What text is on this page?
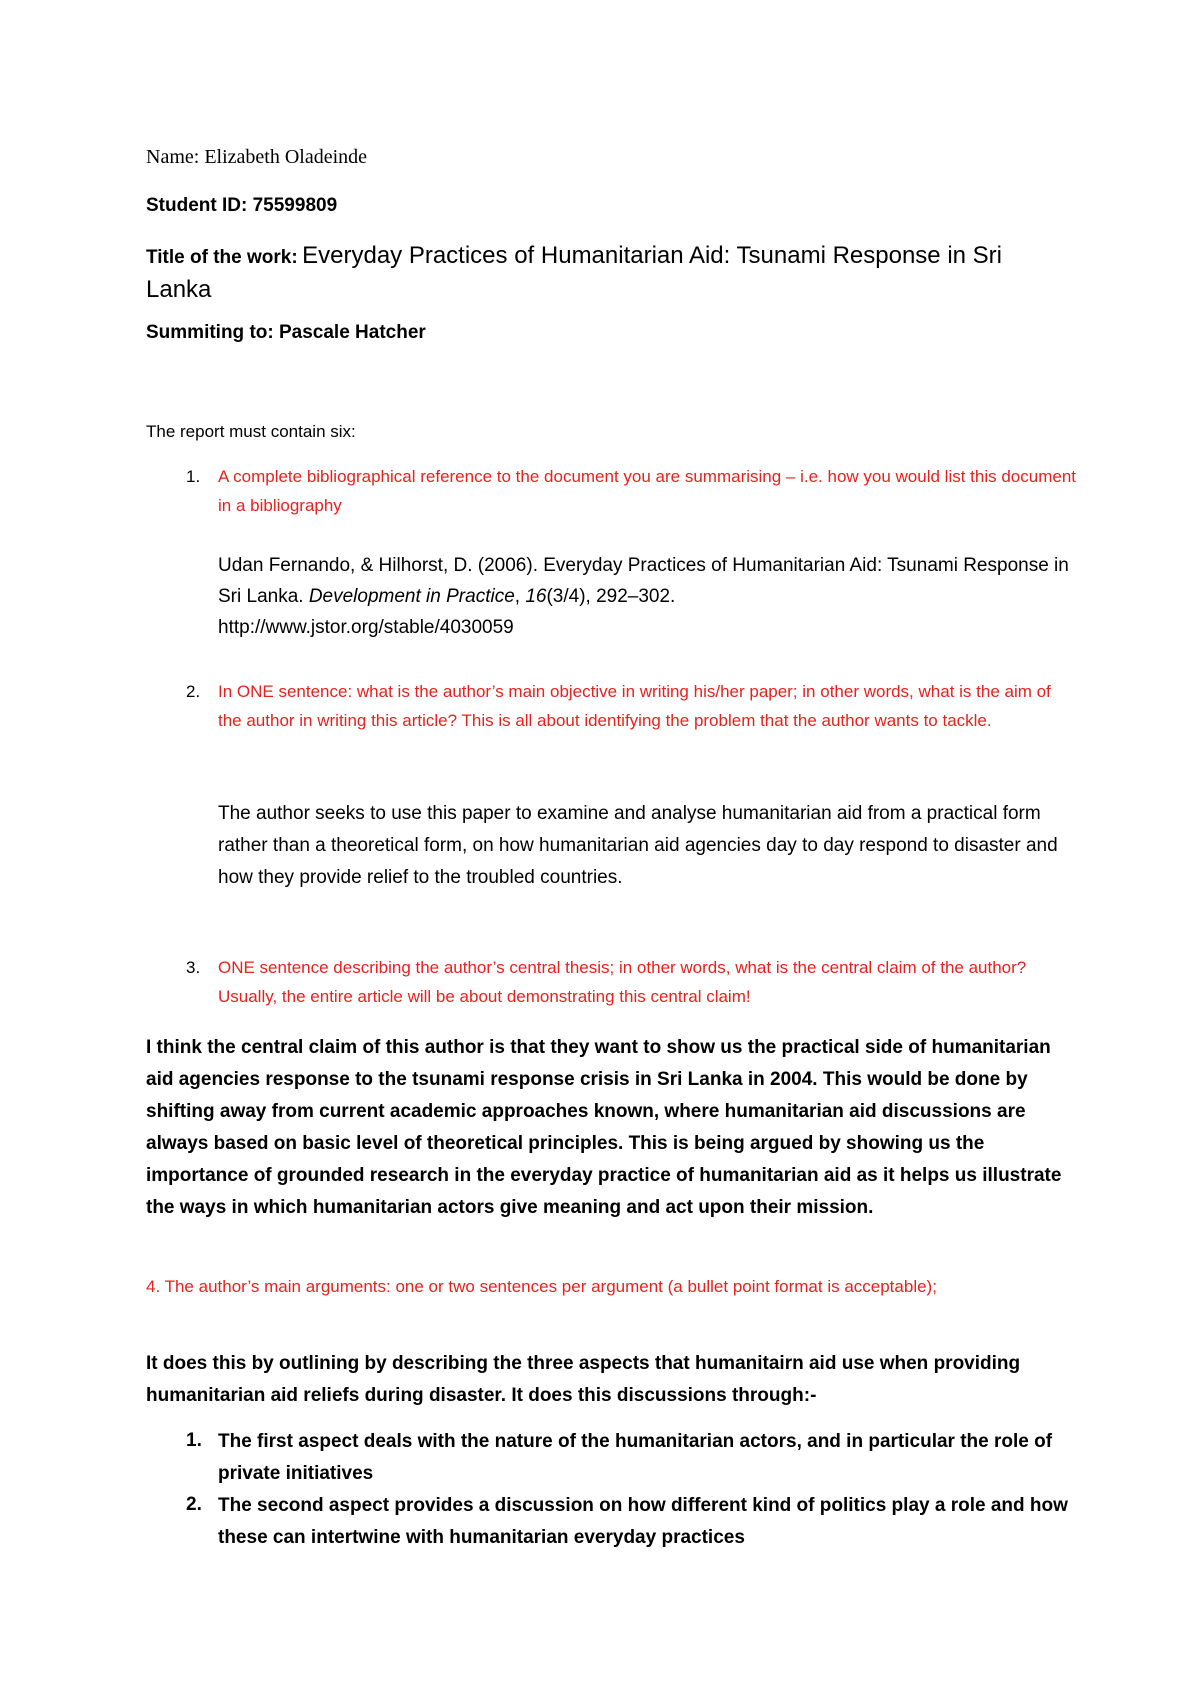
Name: Elizabeth Oladeinde

Student ID: 75599809

Title of the work: Everyday Practices of Humanitarian Aid: Tsunami Response in Sri Lanka

Summiting to: Pascale Hatcher

The report must contain six:

1. A complete bibliographical reference to the document you are summarising – i.e. how you would list this document in a bibliography

Udan Fernando, & Hilhorst, D. (2006). Everyday Practices of Humanitarian Aid: Tsunami Response in Sri Lanka. Development in Practice, 16(3/4), 292–302.
http://www.jstor.org/stable/4030059

2. In ONE sentence: what is the author’s main objective in writing his/her paper; in other words, what is the aim of the author in writing this article? This is all about identifying the problem that the author wants to tackle.

The author seeks to use this paper to examine and analyse humanitarian aid from a practical form rather than a theoretical form, on how humanitarian aid agencies day to day respond to disaster and how they provide relief to the troubled countries.

3. ONE sentence describing the author’s central thesis; in other words, what is the central claim of the author? Usually, the entire article will be about demonstrating this central claim!

I think the central claim of this author is that they want to show us the practical side of humanitarian aid agencies response to the tsunami response crisis in Sri Lanka in 2004. This would be done by shifting away from current academic approaches known, where humanitarian aid discussions are always based on basic level of theoretical principles. This is being argued by showing us the importance of grounded research in the everyday practice of humanitarian aid as it helps us illustrate the ways in which humanitarian actors give meaning and act upon their mission.

4. The author’s main arguments: one or two sentences per argument (a bullet point format is acceptable);

It does this by outlining by describing the three aspects that humanitairn aid use when providing humanitarian aid reliefs during disaster. It does this discussions through:-

1. The first aspect deals with the nature of the humanitarian actors, and in particular the role of private initiatives

2. The second aspect provides a discussion on how different kind of politics play a role and how these can intertwine with humanitarian everyday practices
